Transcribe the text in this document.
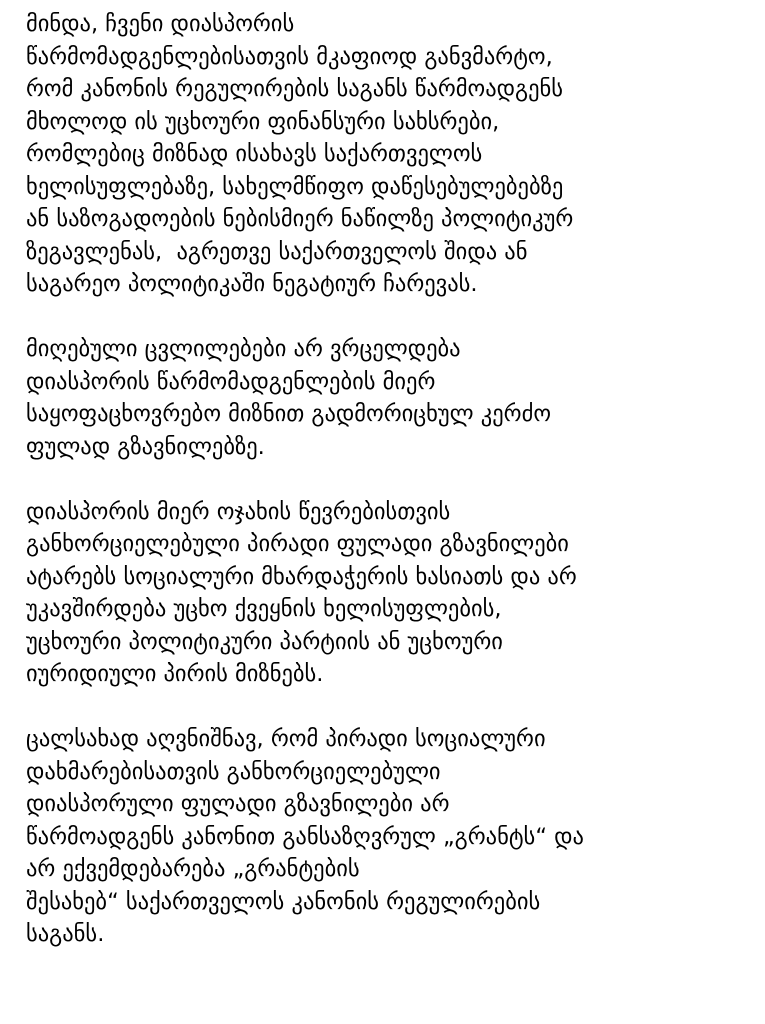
მინდა, ჩვენი დიასპორის
წარმომადგენლებისათვის მკაფიოდ განვმარტო,
რომ კანონის რეგულირების საგანს წარმოადგენს
მხოლოდ ის უცხოური ფინანსური სახსრები,
რომლებიც მიზნად ისახავს საქართველოს
ხელისუფლებაზე, სახელმწიფო დაწესებულებებზე
ან საზოგადოების ნებისმიერ ნაწილზე პოლიტიკურ
ზეგავლენას,  აგრეთვე საქართველოს შიდა ან
საგარეო პოლიტიკაში ნეგატიურ ჩარევას.

მიღებული ცვლილებები არ ვრცელდება
დიასპორის წარმომადგენლების მიერ
საყოფაცხოვრებო მიზნით გადმორიცხულ კერძო
ფულად გზავნილებზე.

დიასპორის მიერ ოჯახის წევრებისთვის
განხორციელებული პირადი ფულადი გზავნილები
ატარებს სოციალური მხარდაჭერის ხასიათს და არ
უკავშირდება უცხო ქვეყნის ხელისუფლების,
უცხოური პოლიტიკური პარტიის ან უცხოური
იურიდიული პირის მიზნებს.

ცალსახად აღვნიშნავ, რომ პირადი სოციალური
დახმარებისათვის განხორციელებული
დიასპორული ფულადი გზავნილები არ
წარმოადგენს კანონით განსაზღვრულ „გრანტს“ და
არ ექვემდებარება „გრანტების
შესახებ“ საქართველოს კანონის რეგულირების
საგანს.
